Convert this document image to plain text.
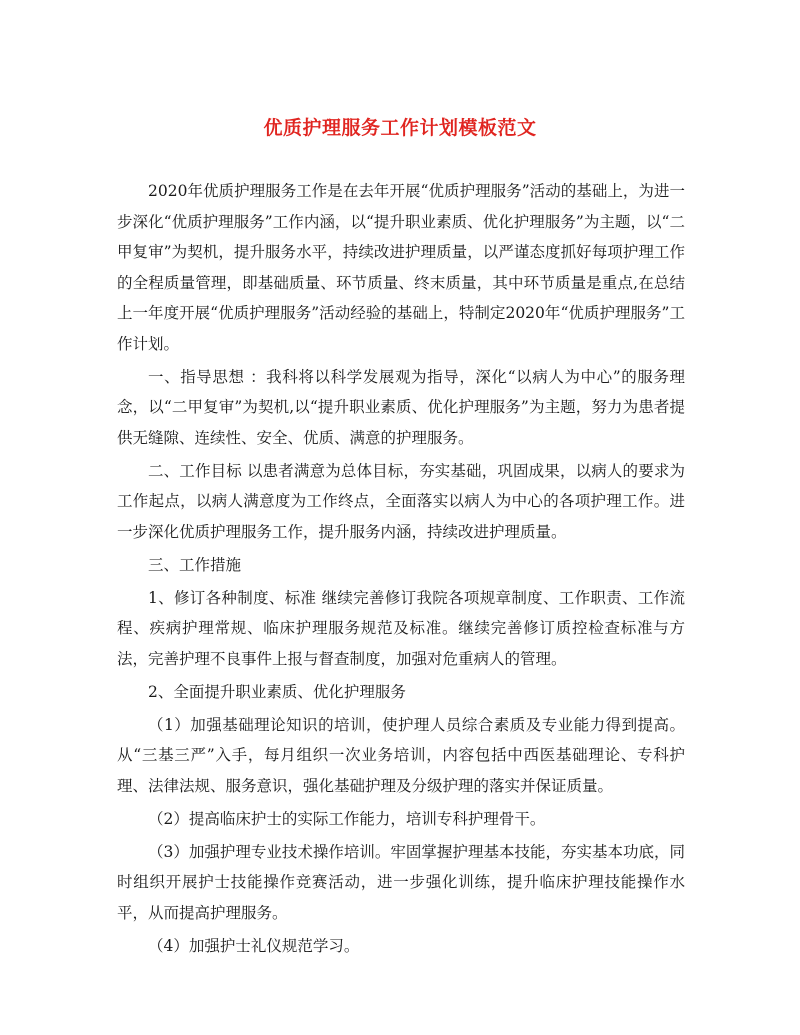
优质护理服务工作计划模板范文

2020年优质护理服务工作是在去年开展“优质护理服务”活动的基础上，为进一步深化“优质护理服务”工作内涵，以“提升职业素质、优化护理服务”为主题，以“二甲复审”为契机，提升服务水平，持续改进护理质量，以严谨态度抓好每项护理工作的全程质量管理，即基础质量、环节质量、终末质量，其中环节质量是重点,在总结上一年度开展“优质护理服务”活动经验的基础上，特制定2020年“优质护理服务”工作计划。

一、指导思想 ：我科将以科学发展观为指导，深化“以病人为中心”的服务理念，以“二甲复审”为契机,以“提升职业素质、优化护理服务”为主题，努力为患者提供无缝隙、连续性、安全、优质、满意的护理服务。

二、工作目标 以患者满意为总体目标，夯实基础，巩固成果，以病人的要求为工作起点，以病人满意度为工作终点，全面落实以病人为中心的各项护理工作。进一步深化优质护理服务工作，提升服务内涵，持续改进护理质量。

三、工作措施

1、修订各种制度、标准 继续完善修订我院各项规章制度、工作职责、工作流程、疾病护理常规、临床护理服务规范及标准。继续完善修订质控检查标准与方法，完善护理不良事件上报与督查制度，加强对危重病人的管理。

2、全面提升职业素质、优化护理服务

（1）加强基础理论知识的培训，使护理人员综合素质及专业能力得到提高。从“三基三严”入手，每月组织一次业务培训，内容包括中西医基础理论、专科护理、法律法规、服务意识，强化基础护理及分级护理的落实并保证质量。

（2）提高临床护士的实际工作能力，培训专科护理骨干。

（3）加强护理专业技术操作培训。牢固掌握护理基本技能，夯实基本功底，同时组织开展护士技能操作竞赛活动，进一步强化训练，提升临床护理技能操作水平，从而提高护理服务。

（4）加强护士礼仪规范学习。
